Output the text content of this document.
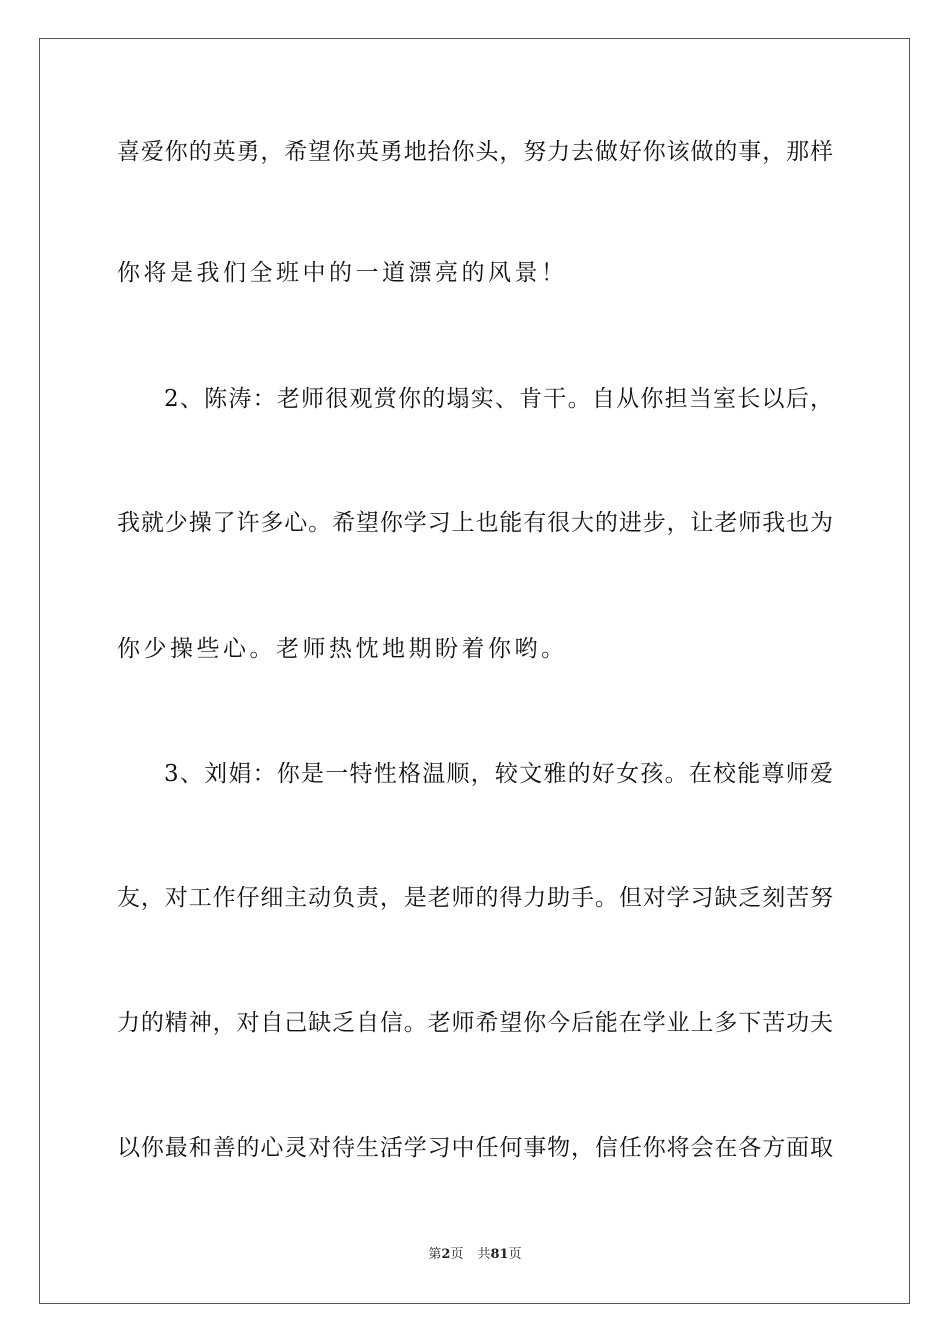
喜爱你的英勇，希望你英勇地抬你头，努力去做好你该做的事，那样
你将是我们全班中的一道漂亮的风景！
2、陈涛：老师很观赏你的塌实、肯干。自从你担当室长以后，
我就少操了许多心。希望你学习上也能有很大的进步，让老师我也为
你少操些心。老师热忱地期盼着你哟。
3、刘娟：你是一特性格温顺，较文雅的好女孩。在校能尊师爱
友，对工作仔细主动负责，是老师的得力助手。但对学习缺乏刻苦努
力的精神，对自己缺乏自信。老师希望你今后能在学业上多下苦功夫
以你最和善的心灵对待生活学习中任何事物，信任你将会在各方面取
第2页 共81页
